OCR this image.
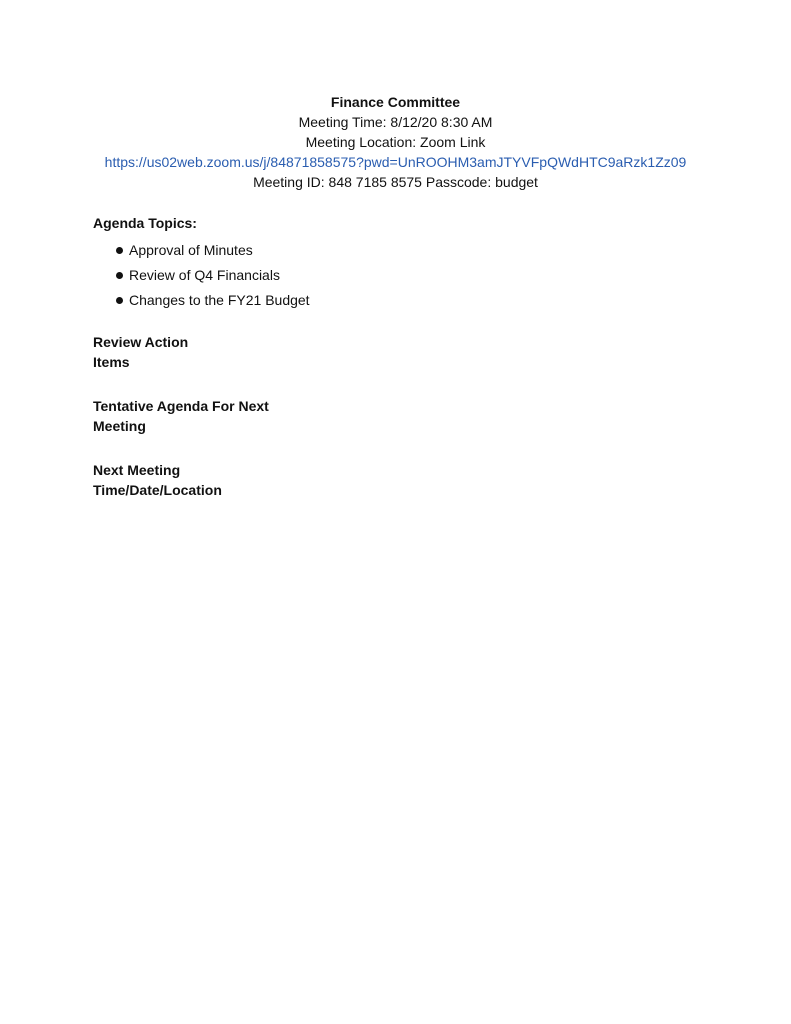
Finance Committee
Meeting Time: 8/12/20 8:30 AM
Meeting Location: Zoom Link
https://us02web.zoom.us/j/84871858575?pwd=UnROOHM3amJTYVFpQWdHTC9aRzk1Zz09
Meeting ID: 848 7185 8575 Passcode: budget
Agenda Topics:
Approval of Minutes
Review of Q4 Financials
Changes to the FY21 Budget
Review Action
Items
Tentative Agenda For Next
Meeting
Next Meeting
Time/Date/Location
